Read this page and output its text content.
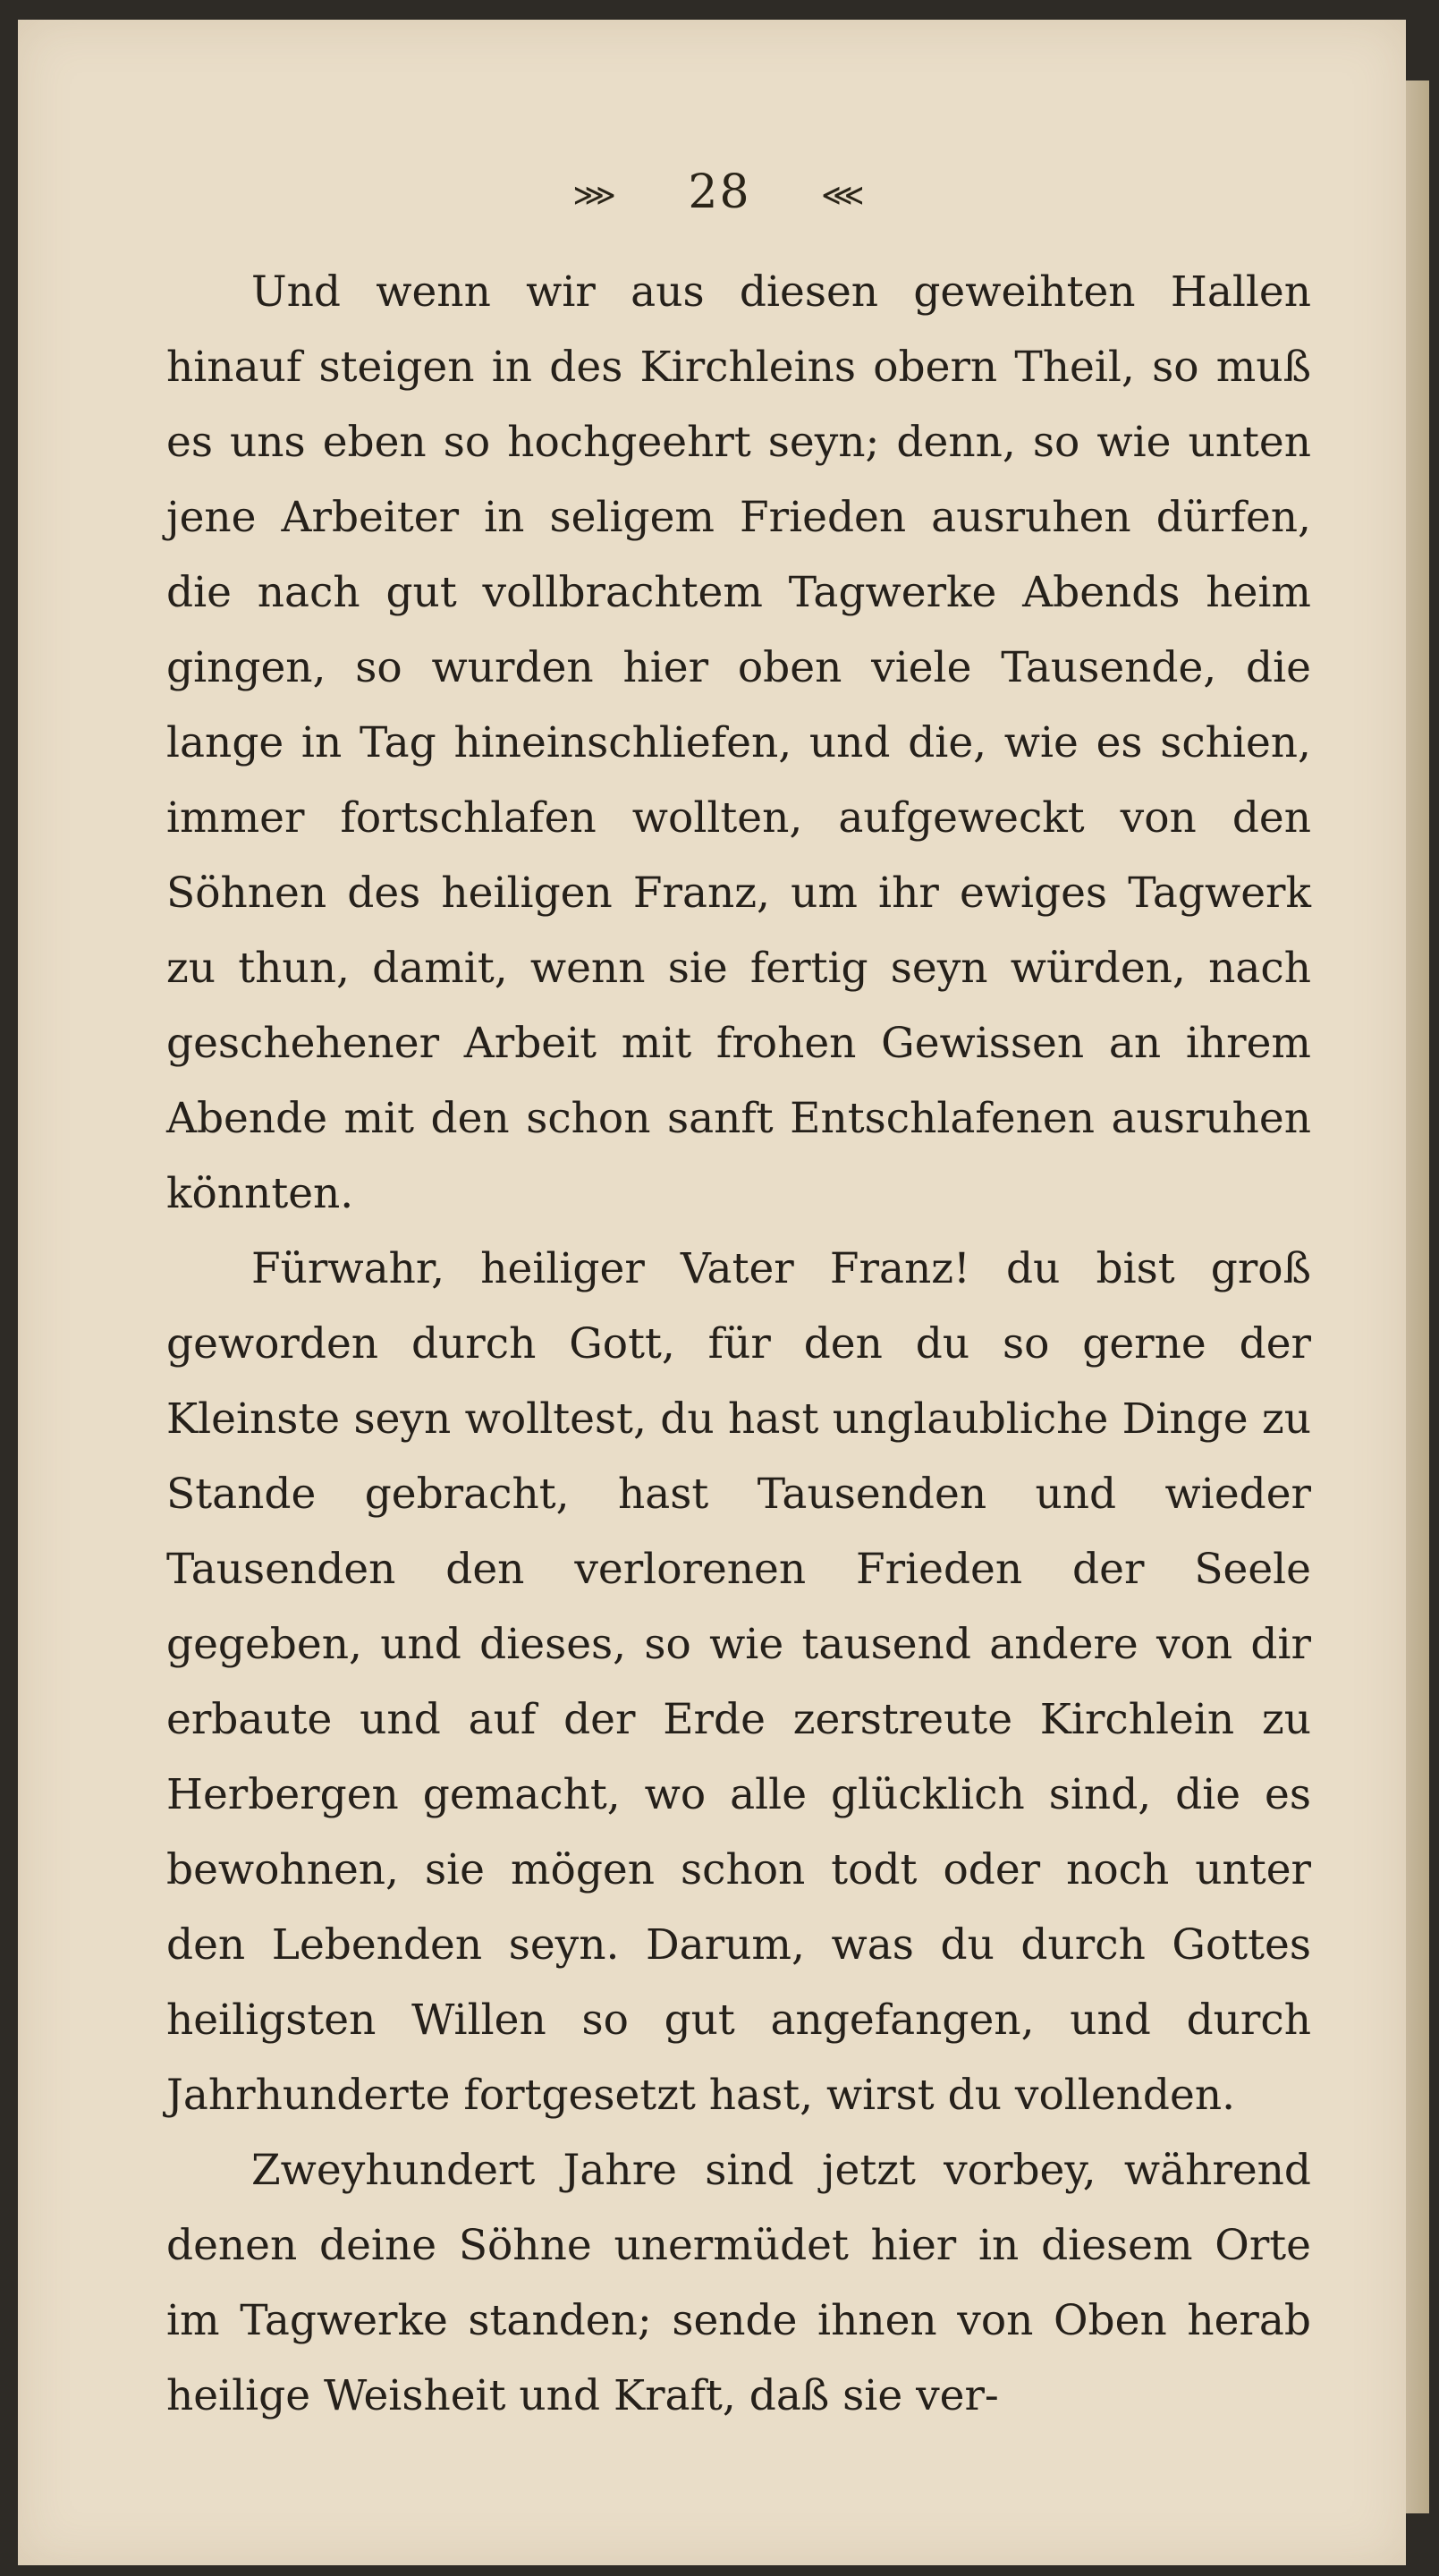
⋙ 28 ⋘

Und wenn wir aus diesen geweihten Hallen hinauf steigen in des Kirchleins obern Theil, so muß es uns eben so hochgeehrt seyn; denn, so wie unten jene Arbeiter in seligem Frieden ausruhen dürfen, die nach gut vollbrachtem Tagwerke Abends heim gingen, so wurden hier oben viele Tausende, die lange in Tag hineinschliefen, und die, wie es schien, immer fortschlafen wollten, aufgeweckt von den Söhnen des heiligen Franz, um ihr ewiges Tagwerk zu thun, damit, wenn sie fertig seyn würden, nach geschehener Arbeit mit frohen Gewissen an ihrem Abende mit den schon sanft Entschlafenen ausruhen könnten.

Fürwahr, heiliger Vater Franz! du bist groß geworden durch Gott, für den du so gerne der Kleinste seyn wolltest, du hast unglaubliche Dinge zu Stande gebracht, hast Tausenden und wieder Tausenden den verlorenen Frieden der Seele gegeben, und dieses, so wie tausend andere von dir erbaute und auf der Erde zerstreute Kirchlein zu Herbergen gemacht, wo alle glücklich sind, die es bewohnen, sie mögen schon todt oder noch unter den Lebenden seyn. Darum, was du durch Gottes heiligsten Willen so gut angefangen, und durch Jahrhunderte fortgesetzt hast, wirst du vollenden.

Zweyhundert Jahre sind jetzt vorbey, während denen deine Söhne unermüdet hier in diesem Orte im Tagwerke standen; sende ihnen von Oben herab heilige Weisheit und Kraft, daß sie ver-
